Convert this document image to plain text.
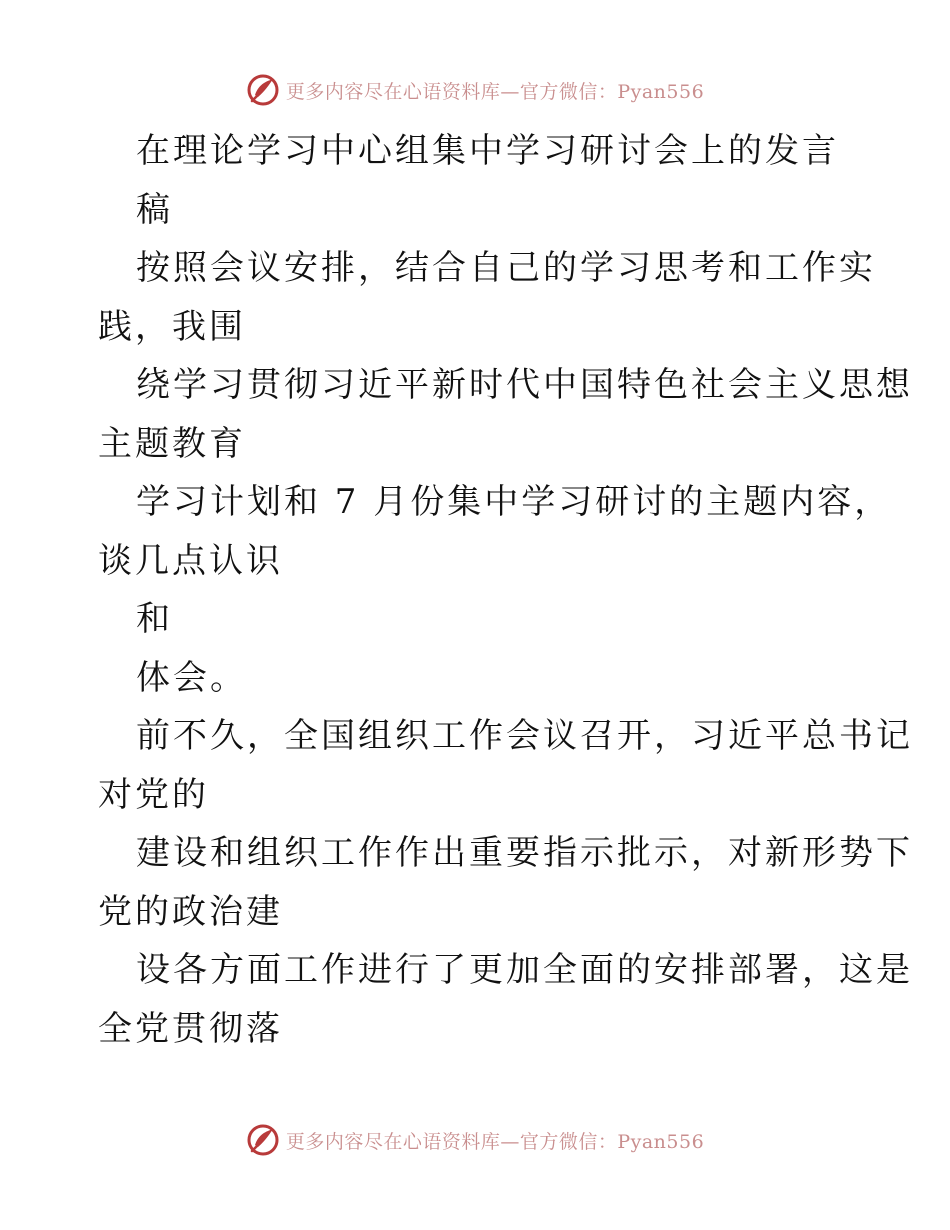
更多内容尽在心语资料库—官方微信：Pyan556
在理论学习中心组集中学习研讨会上的发言
稿
按照会议安排，结合自己的学习思考和工作实
践，我围
绕学习贯彻习近平新时代中国特色社会主义思想
主题教育
学习计划和 7 月份集中学习研讨的主题内容，
谈几点认识
和
体会。
前不久，全国组织工作会议召开，习近平总书记
对党的
建设和组织工作作出重要指示批示，对新形势下
党的政治建
设各方面工作进行了更加全面的安排部署，这是
全党贯彻落
更多内容尽在心语资料库—官方微信：Pyan556
